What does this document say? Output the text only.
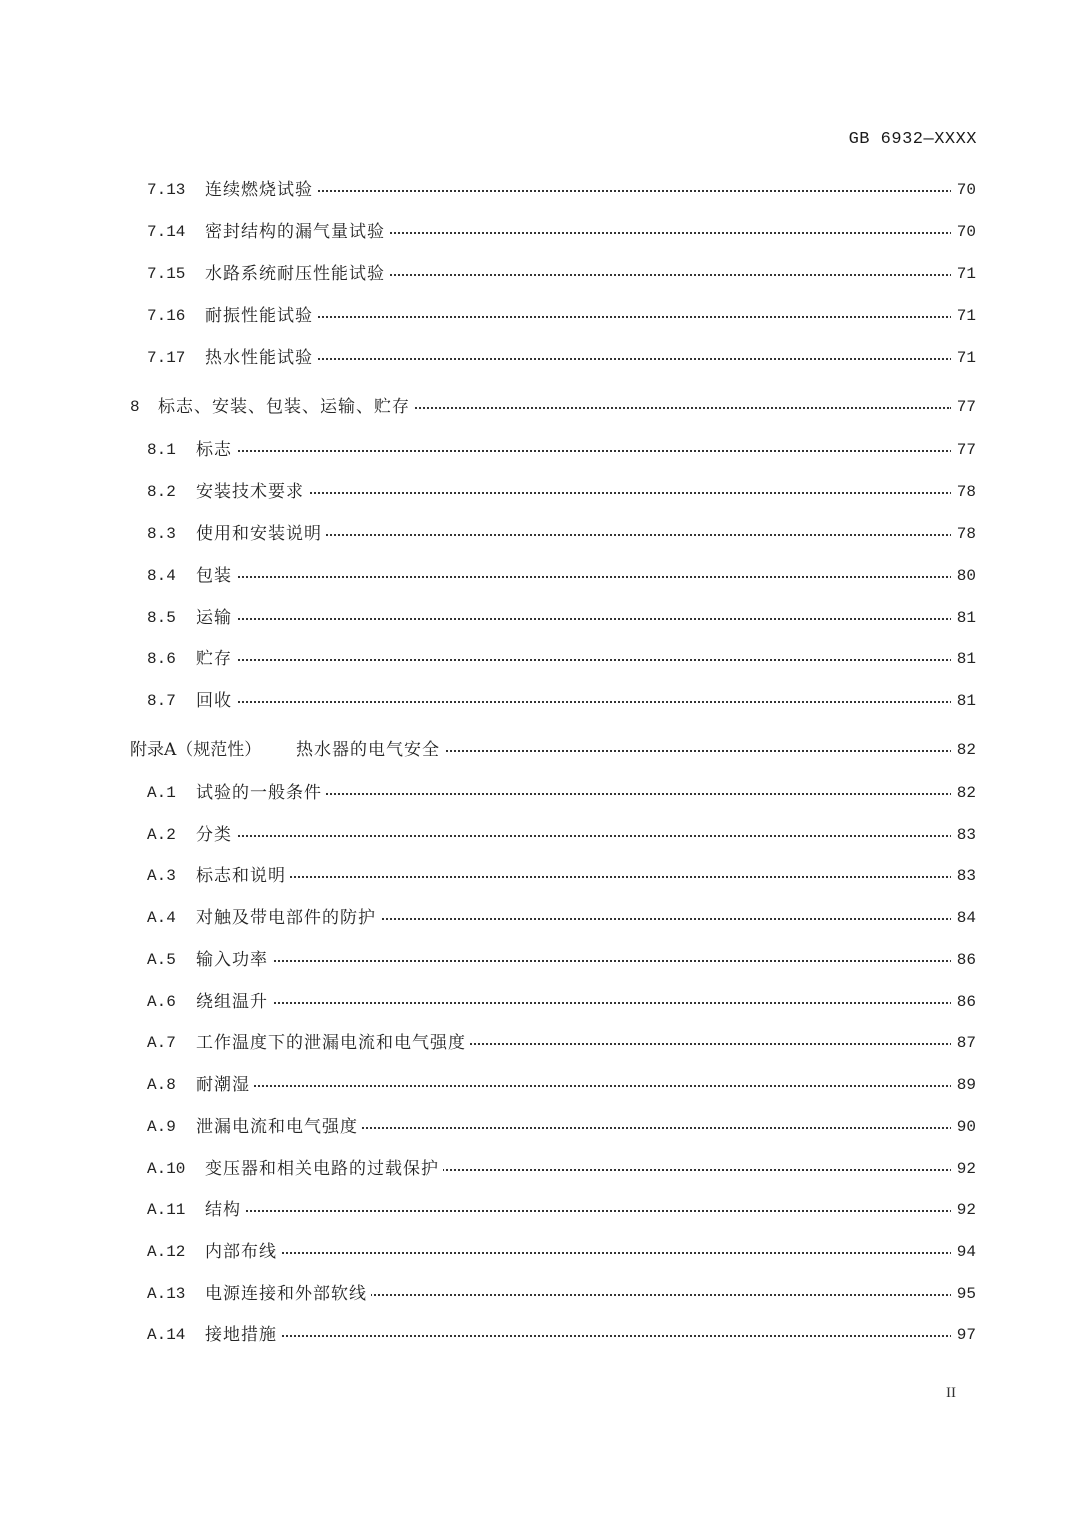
GB 6932—XXXX
7.13 连续燃烧试验	70
7.14 密封结构的漏气量试验	70
7.15 水路系统耐压性能试验	71
7.16 耐振性能试验	71
7.17 热水性能试验	71
8 标志、安装、包装、运输、贮存	77
8.1 标志	77
8.2 安装技术要求	78
8.3 使用和安装说明	78
8.4 包装	80
8.5 运输	81
8.6 贮存	81
8.7 回收	81
附录A（规范性） 热水器的电气安全	82
A.1 试验的一般条件	82
A.2 分类	83
A.3 标志和说明	83
A.4 对触及带电部件的防护	84
A.5 输入功率	86
A.6 绕组温升	86
A.7 工作温度下的泄漏电流和电气强度	87
A.8 耐潮湿	89
A.9 泄漏电流和电气强度	90
A.10 变压器和相关电路的过载保护	92
A.11 结构	92
A.12 内部布线	94
A.13 电源连接和外部软线	95
A.14 接地措施	97
II
